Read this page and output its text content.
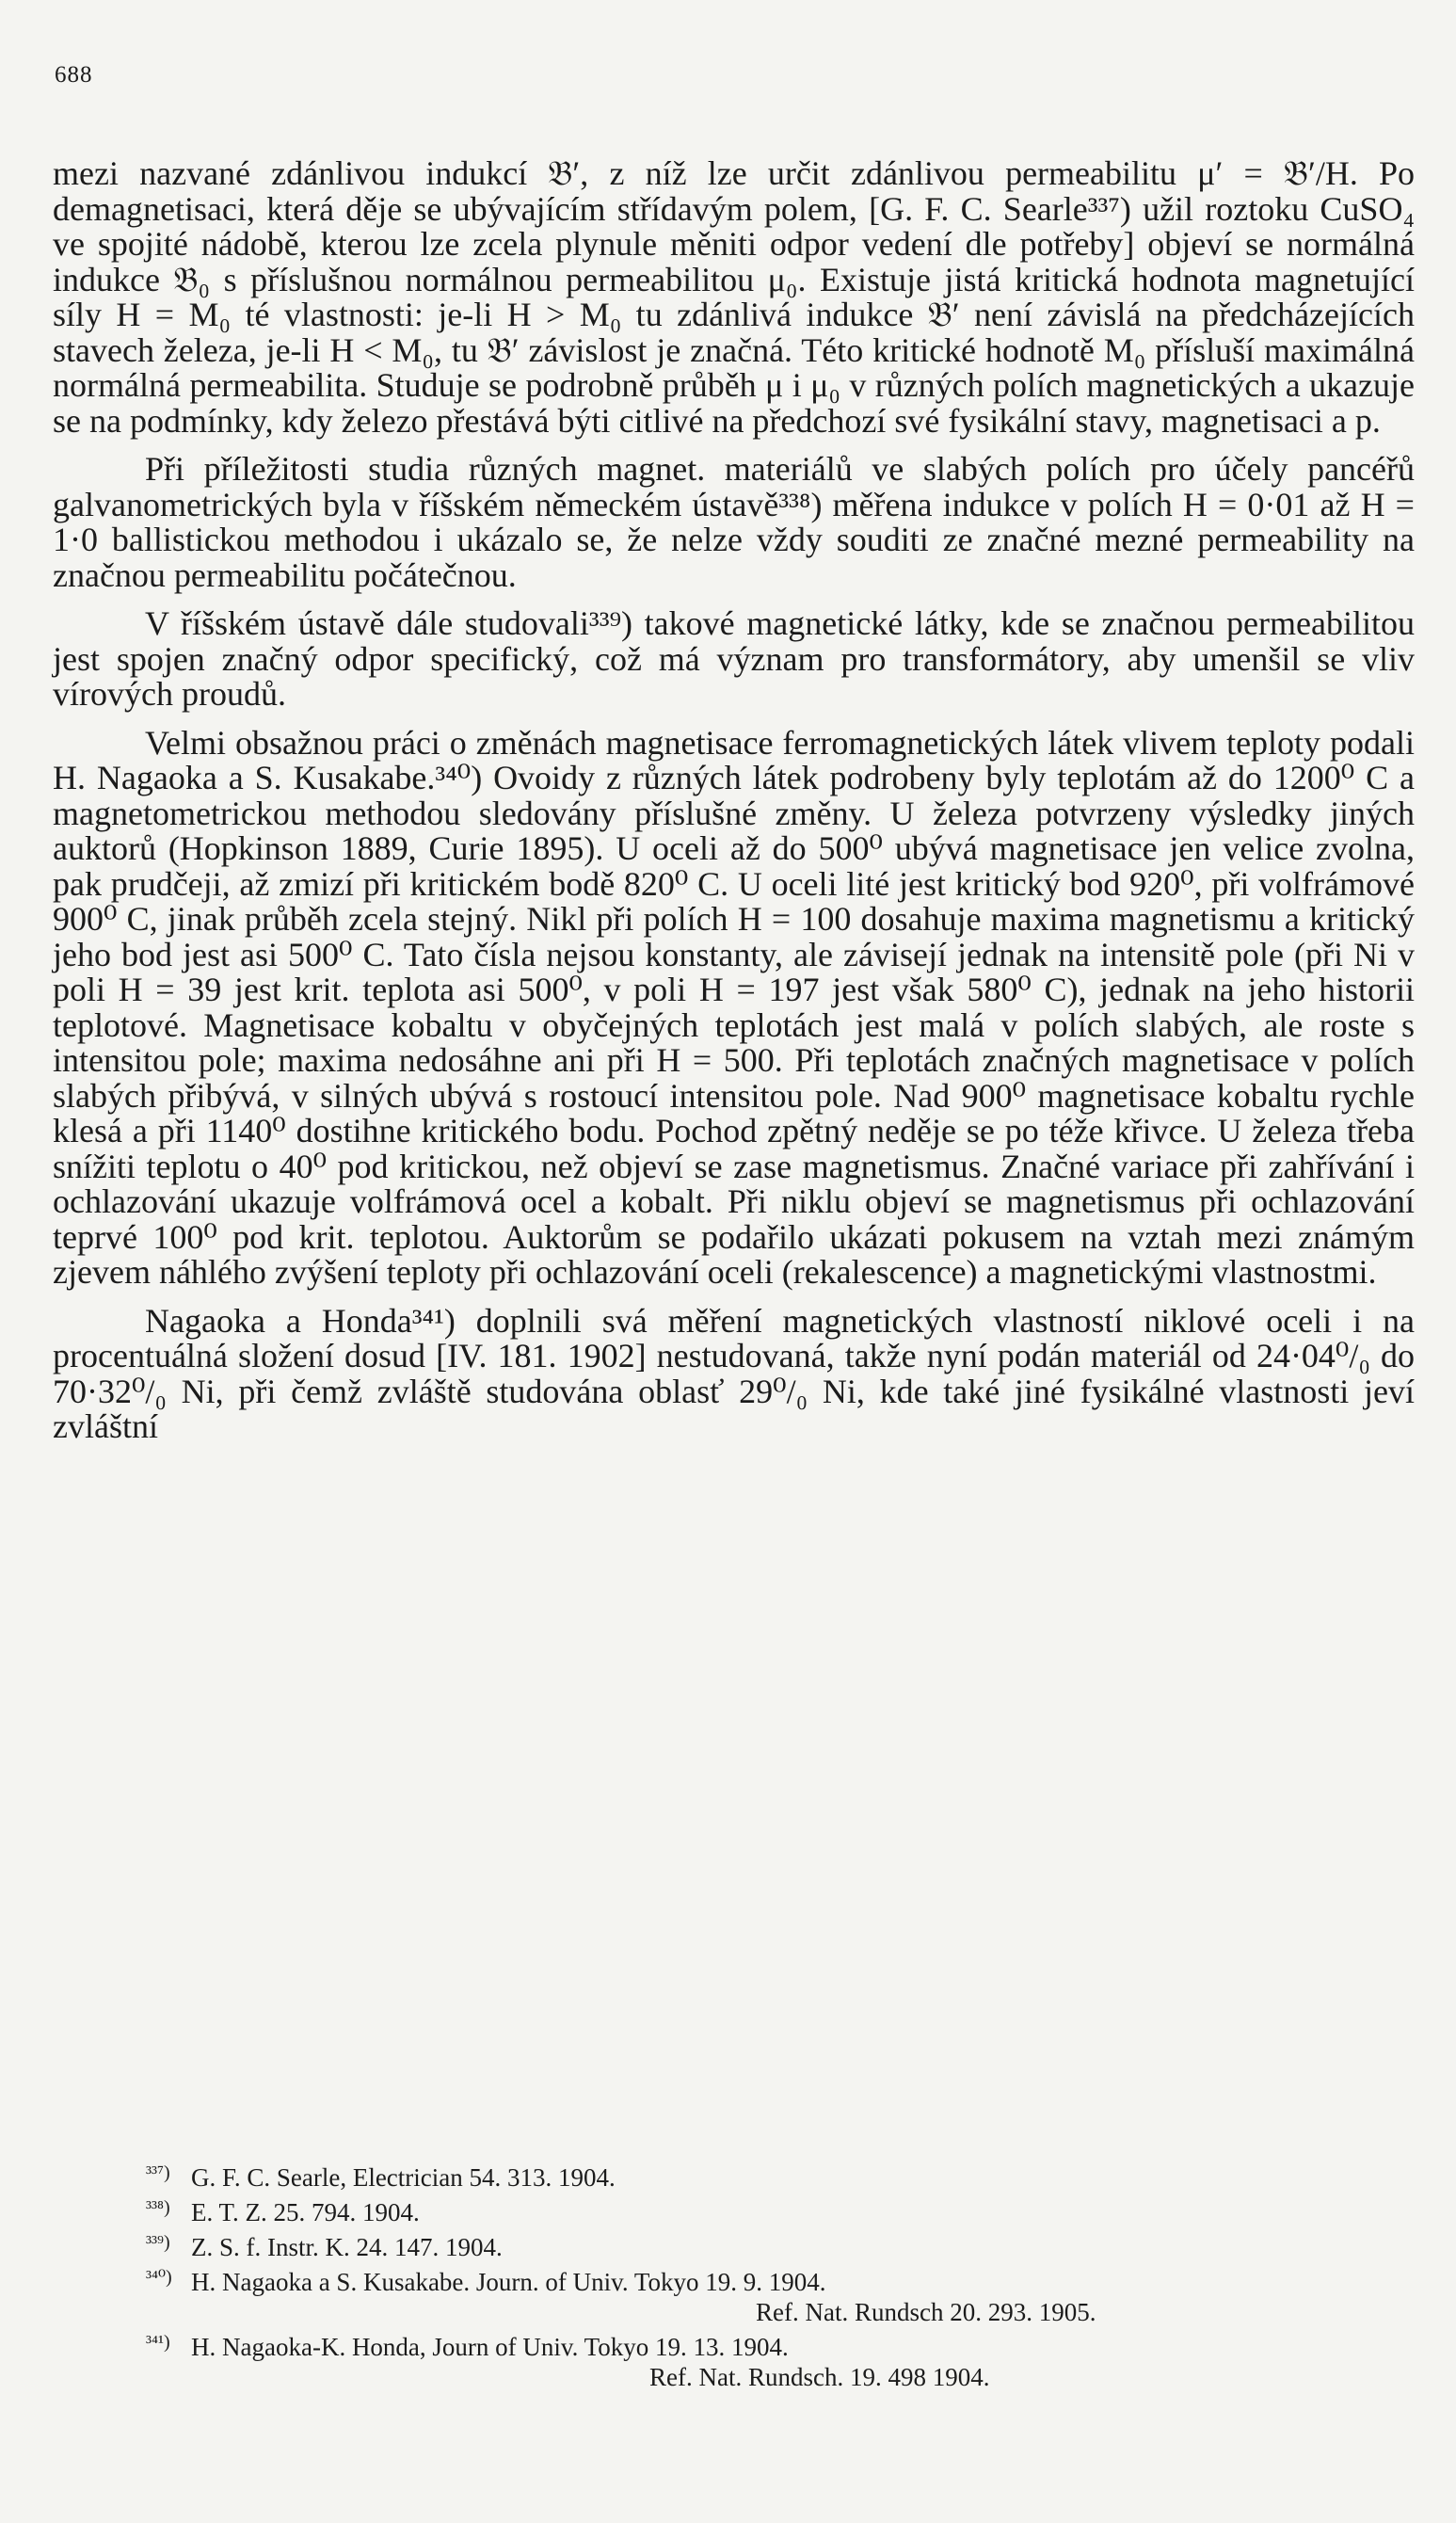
688

mezi nazvané zdánlivou indukcí 𝔅′, z níž lze určit zdánlivou permeabilitu μ′ = 𝔅′/H. Po demagnetisaci, která děje se ubývajícím střídavým polem, [G. F. C. Searle³³⁷) užil roztoku CuSO₄ ve spojité nádobě, kterou lze zcela plynule měniti odpor vedení dle potřeby] objeví se normálná indukce 𝔅₀ s příslušnou normálnou permeabilitou μ₀. Existuje jistá kritická hodnota magnetující síly H = M₀ té vlastnosti: je-li H > M₀ tu zdánlivá indukce 𝔅′ není závislá na předcházejících stavech železa, je-li H < M₀, tu 𝔅′ závislost je značná. Této kritické hodnotě M₀ přísluší maximálná normálná permeabilita. Studuje se podrobně průběh μ i μ₀ v různých polích magnetických a ukazuje se na podmínky, kdy železo přestává býti citlivé na předchozí své fysikální stavy, magnetisaci a p.

Při příležitosti studia různých magnet. materiálů ve slabých polích pro účely pancéřů galvanometrických byla v říšském německém ústavě³³⁸) měřena indukce v polích H = 0·01 až H = 1·0 ballistickou methodou i ukázalo se, že nelze vždy souditi ze značné mezné permeability na značnou permeabilitu počátečnou.

V říšském ústavě dále studovali³³⁹) takové magnetické látky, kde se značnou permeabilitou jest spojen značný odpor specifický, což má význam pro transformátory, aby umenšil se vliv vírových proudů.

Velmi obsažnou práci o změnách magnetisace ferromagnetických látek vlivem teploty podali H. Nagaoka a S. Kusakabe.³⁴⁰) Ovoidy z různých látek podrobeny byly teplotám až do 1200⁰ C a magnetometrickou methodou sledovány příslušné změny. U železa potvrzeny výsledky jiných auktorů (Hopkinson 1889, Curie 1895). U oceli až do 500⁰ ubývá magnetisace jen velice zvolna, pak prudčeji, až zmizí při kritickém bodě 820⁰ C. U oceli lité jest kritický bod 920⁰, při volfrámové 900⁰ C, jinak průběh zcela stejný. Nikl při polích H = 100 dosahuje maxima magnetismu a kritický jeho bod jest asi 500⁰ C. Tato čísla nejsou konstanty, ale závisejí jednak na intensitě pole (při Ni v poli H = 39 jest krit. teplota asi 500⁰, v poli H = 197 jest však 580⁰ C), jednak na jeho historii teplotové. Magnetisace kobaltu v obyčejných teplotách jest malá v polích slabých, ale roste s intensitou pole; maxima nedosáhne ani při H = 500. Při teplotách značných magnetisace v polích slabých přibývá, v silných ubývá s rostoucí intensitou pole. Nad 900⁰ magnetisace kobaltu rychle klesá a při 1140⁰ dostihne kritického bodu. Pochod zpětný neděje se po téže křivce. U železa třeba snížiti teplotu o 40⁰ pod kritickou, než objeví se zase magnetismus. Značné variace při zahřívání i ochlazování ukazuje volfrámová ocel a kobalt. Při niklu objeví se magnetismus při ochlazování teprvé 100⁰ pod krit. teplotou. Auktorům se podařilo ukázati pokusem na vztah mezi známým zjevem náhlého zvýšení teploty při ochlazování oceli (rekalescence) a magnetickými vlastnostmi.

Nagaoka a Honda³⁴¹) doplnili svá měření magnetických vlastností niklové oceli i na procentuálná složení dosud [IV. 181. 1902] nestudovaná, takže nyní podán materiál od 24·04⁰/₀ do 70·32⁰/₀ Ni, při čemž zvláště studována oblasť 29⁰/₀ Ni, kde také jiné fysikálné vlastnosti jeví zvláštní

³³⁷) G. F. C. Searle, Electrician 54. 313. 1904.
³³⁸) E. T. Z. 25. 794. 1904.
³³⁹) Z. S. f. Instr. K. 24. 147. 1904.
³⁴⁰) H. Nagaoka a S. Kusakabe. Journ. of Univ. Tokyo 19. 9. 1904.
Ref. Nat. Rundsch 20. 293. 1905.
³⁴¹) H. Nagaoka-K. Honda, Journ of Univ. Tokyo 19. 13. 1904.
Ref. Nat. Rundsch. 19. 498 1904.
